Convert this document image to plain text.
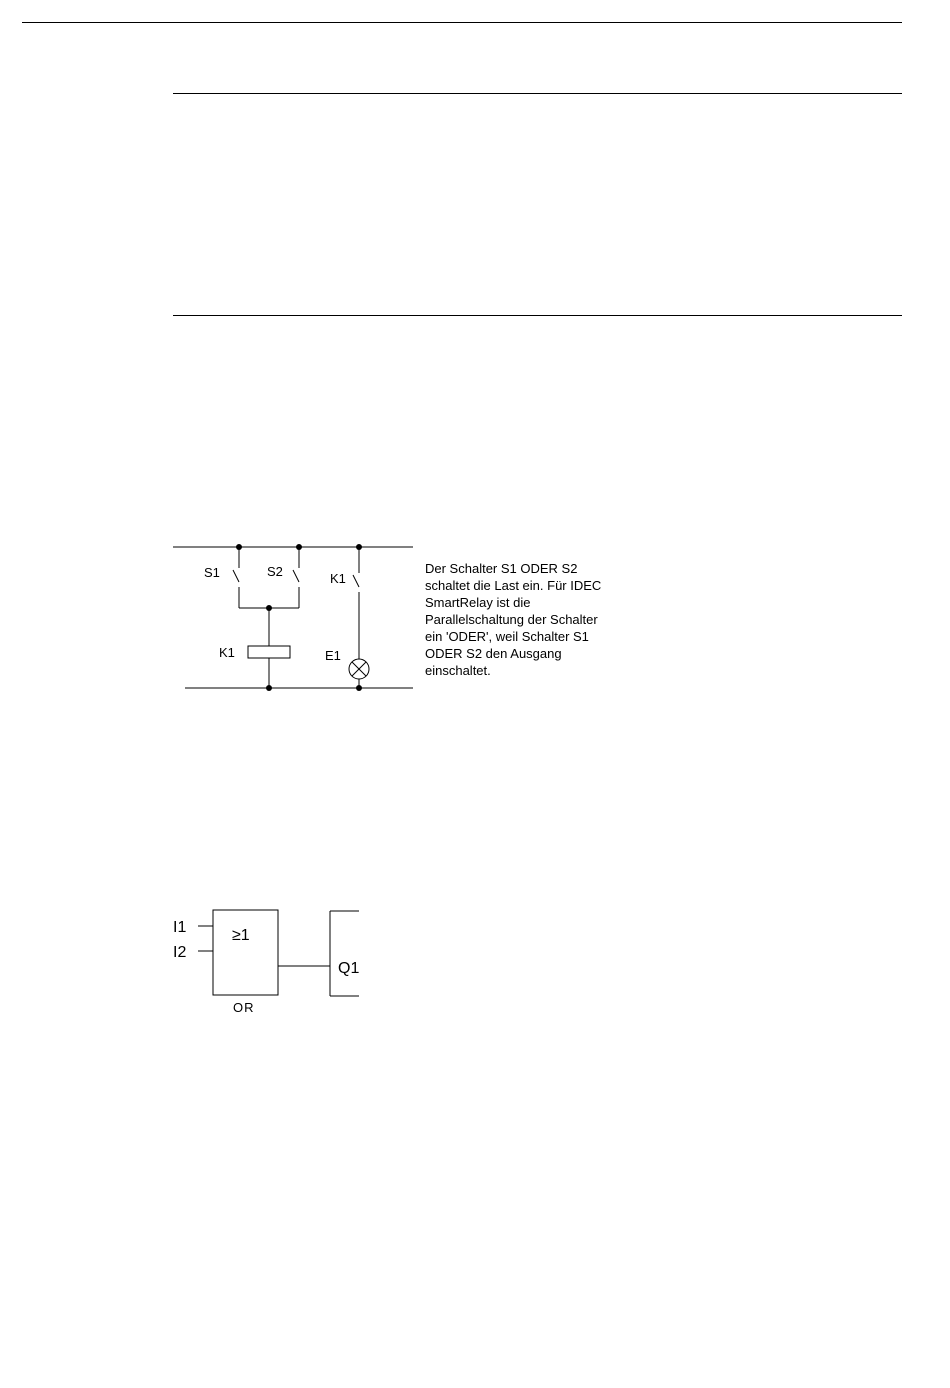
S1	S2	K1
K1	E1
I1
I2
≥1
OR
Q1
Der Schalter S1 ODER S2
schaltet die Last ein. Für IDEC
SmartRelay ist die
Parallelschaltung der Schalter
ein 'ODER', weil Schalter S1
ODER S2 den Ausgang
einschaltet.
